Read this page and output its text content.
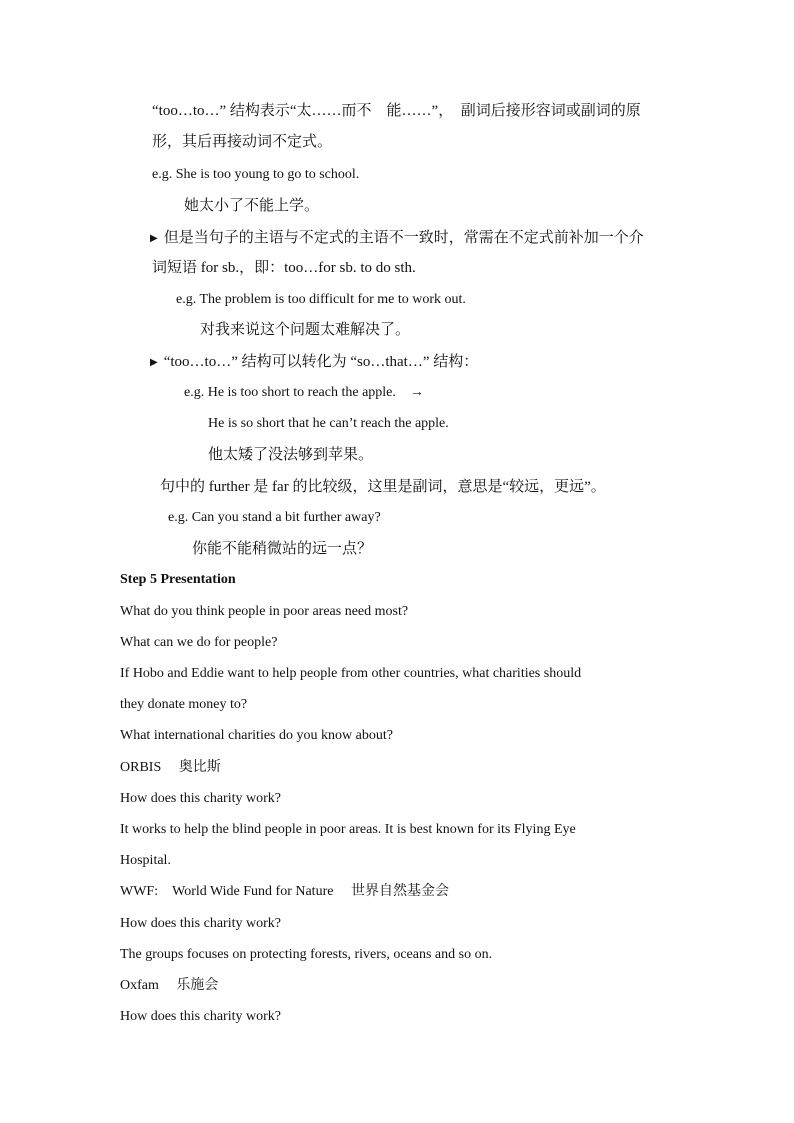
“too…to…” 结构表示“太……而不　能……”，　副词后接形容词或副词的原
形，其后再接动词不定式。
e.g. She is too young to go to school.
她太小了不能上学。
▶ 但是当句子的主语与不定式的主语不一致时，常需在不定式前补加一个介
词短语 for sb.，即：too…for sb. to do sth.
e.g. The problem is too difficult for me to work out.
对我来说这个问题太难解决了。
▶ “too…to…” 结构可以转化为 “so…that…” 结构：
e.g. He is too short to reach the apple. →
He is so short that he can’t reach the apple.
他太矮了没法够到苹果。
句中的 further 是 far 的比较级，这里是副词，意思是“较远，更远”。
e.g. Can you stand a bit further away?
你能不能稍微站的远一点？
Step 5 Presentation
What do you think people in poor areas need most?
What can we do for people?
If Hobo and Eddie want to help people from other countries, what charities should
they donate money to?
What international charities do you know about?
ORBIS　 奥比斯
How does this charity work?
It works to help the blind people in poor areas. It is best known for its Flying Eye
Hospital.
WWF:　World Wide Fund for Nature　 世界自然基金会
How does this charity work?
The groups focuses on protecting forests, rivers, oceans and so on.
Oxfam　 乐施会
How does this charity work?
